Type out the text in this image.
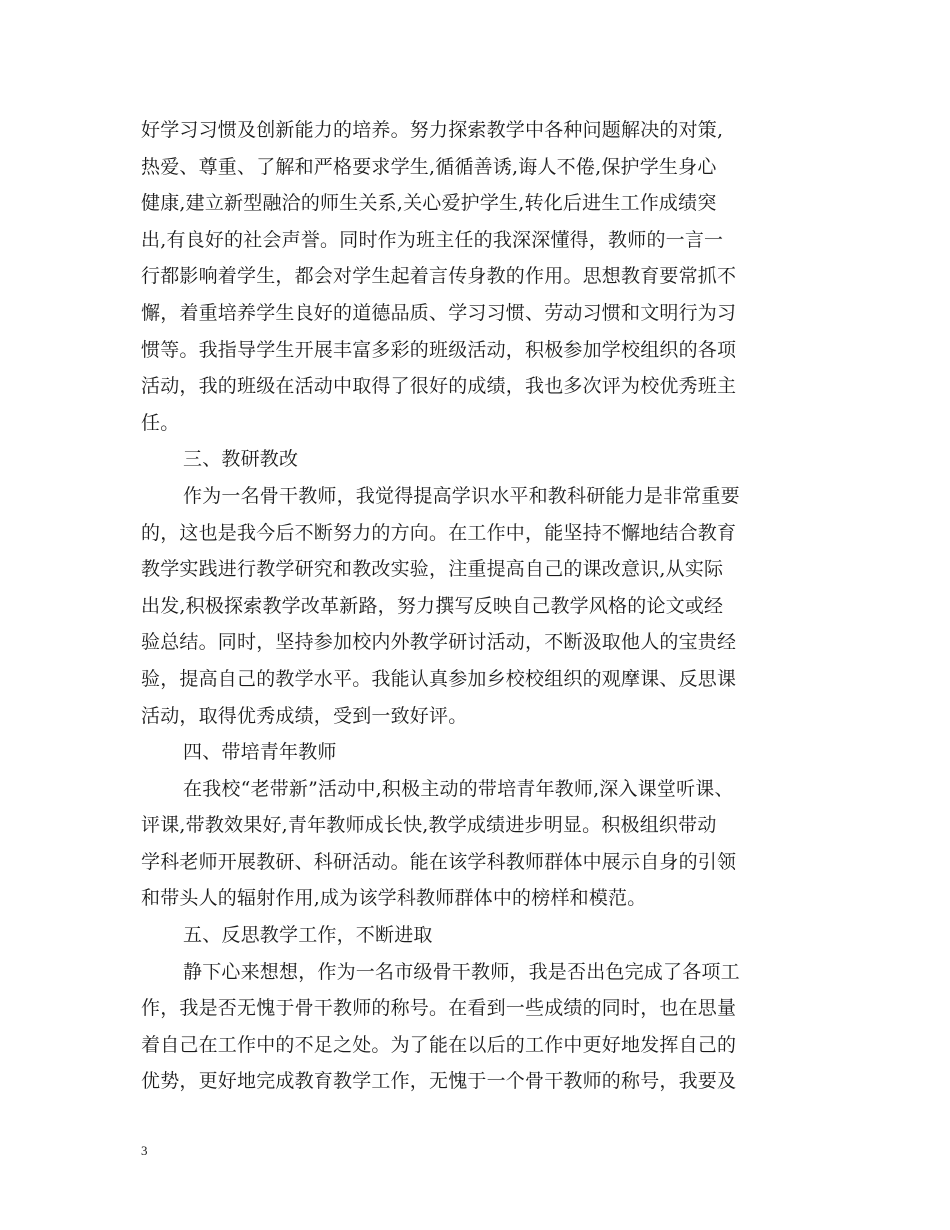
好学习习惯及创新能力的培养。努力探索教学中各种问题解决的对策,
热爱、尊重、了解和严格要求学生,循循善诱,诲人不倦,保护学生身心
健康,建立新型融洽的师生关系,关心爱护学生,转化后进生工作成绩突
出,有良好的社会声誉。同时作为班主任的我深深懂得，教师的一言一
行都影响着学生，都会对学生起着言传身教的作用。思想教育要常抓不
懈，着重培养学生良好的道德品质、学习习惯、劳动习惯和文明行为习
惯等。我指导学生开展丰富多彩的班级活动，积极参加学校组织的各项
活动，我的班级在活动中取得了很好的成绩，我也多次评为校优秀班主
任。
三、教研教改
作为一名骨干教师，我觉得提高学识水平和教科研能力是非常重要
的，这也是我今后不断努力的方向。在工作中，能坚持不懈地结合教育
教学实践进行教学研究和教改实验，注重提高自己的课改意识,从实际
出发,积极探索教学改革新路，努力撰写反映自己教学风格的论文或经
验总结。同时，坚持参加校内外教学研讨活动，不断汲取他人的宝贵经
验，提高自己的教学水平。我能认真参加乡校校组织的观摩课、反思课
活动，取得优秀成绩，受到一致好评。
四、带培青年教师
在我校“老带新”活动中,积极主动的带培青年教师,深入课堂听课、
评课,带教效果好,青年教师成长快,教学成绩进步明显。积极组织带动
学科老师开展教研、科研活动。能在该学科教师群体中展示自身的引领
和带头人的辐射作用,成为该学科教师群体中的榜样和模范。
五、反思教学工作，不断进取
静下心来想想，作为一名市级骨干教师，我是否出色完成了各项工
作，我是否无愧于骨干教师的称号。在看到一些成绩的同时，也在思量
着自己在工作中的不足之处。为了能在以后的工作中更好地发挥自己的
优势，更好地完成教育教学工作，无愧于一个骨干教师的称号，我要及
3
